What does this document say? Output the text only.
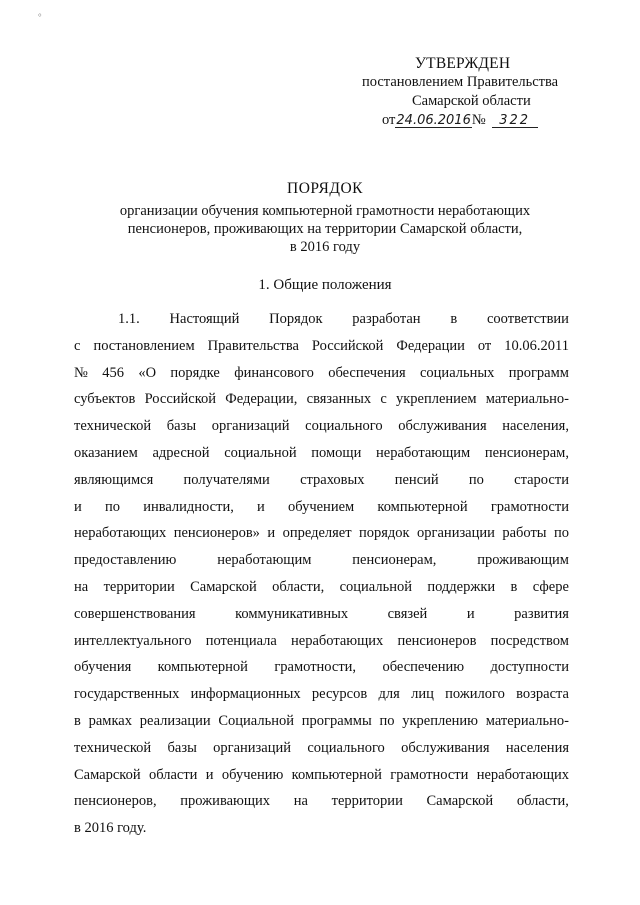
°
УТВЕРЖДЕН
постановлением Правительства
Самарской области
от24.06.2016№ 322
ПОРЯДОК
организации обучения компьютерной грамотности неработающих
пенсионеров, проживающих на территории Самарской области,
в 2016 году
1. Общие положения
1.1. Настоящий Порядок разработан в соответствии
с постановлением Правительства Российской Федерации от 10.06.2011
№ 456 «О порядке финансового обеспечения социальных программ
субъектов Российской Федерации, связанных с укреплением материально-
технической базы организаций социального обслуживания населения,
оказанием адресной социальной помощи неработающим пенсионерам,
являющимся получателями страховых пенсий по старости
и по инвалидности, и обучением компьютерной грамотности
неработающих пенсионеров» и определяет порядок организации работы по
предоставлению	неработающим	пенсионерам,	проживающим
на территории Самарской области, социальной поддержки в сфере
совершенствования	коммуникативных	связей	и	развития
интеллектуального потенциала неработающих пенсионеров посредством
обучения компьютерной грамотности, обеспечению доступности
государственных информационных ресурсов для лиц пожилого возраста
в рамках реализации Социальной программы по укреплению материально-
технической базы организаций социального обслуживания населения
Самарской области и обучению компьютерной грамотности неработающих
пенсионеров, проживающих на территории Самарской области,
в 2016 году.
